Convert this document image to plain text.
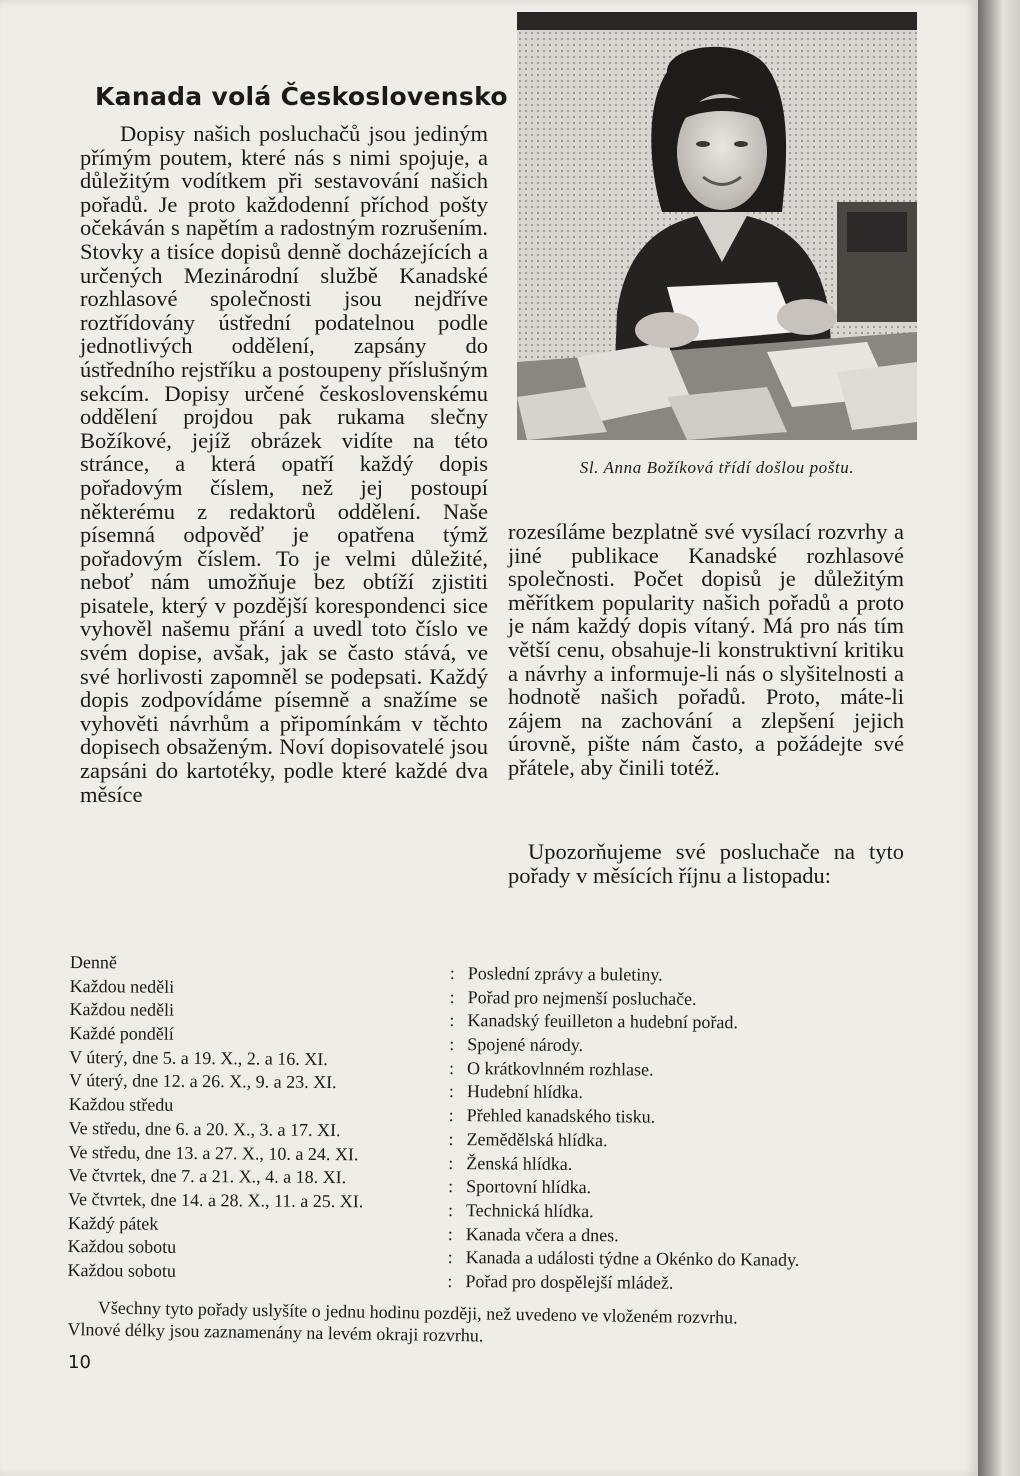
Kanada volá Československo

Dopisy našich posluchačů jsou jediným přímým poutem, které nás s nimi spojuje, a důležitým vodítkem při sestavování našich pořadů. Je proto každodenní příchod pošty očekáván s napětím a radostným rozrušením. Stovky a tisíce dopisů denně docházejících a určených Mezinárodní službě Kanadské rozhlasové společnosti jsou nejdříve roztřídovány ústřední podatelnou podle jednotlivých oddělení, zapsány do ústředního rejstříku a postoupeny příslušným sekcím. Dopisy určené československému oddělení projdou pak rukama slečny Božíkové, jejíž obrázek vidíte na této stránce, a která opatří každý dopis pořadovým číslem, než jej postoupí některému z redaktorů oddělení. Naše písemná odpověď je opatřena týmž pořadovým číslem. To je velmi důležité, neboť nám umožňuje bez obtíží zjistiti pisatele, který v pozdější korespondenci sice vyhověl našemu přání a uvedl toto číslo ve svém dopise, avšak, jak se často stává, ve své horlivosti zapomněl se podepsati. Každý dopis zodpovídáme písemně a snažíme se vyhověti návrhům a připomínkám v těchto dopisech obsaženým. Noví dopisovatelé jsou zapsáni do kartotéky, podle které každé dva měsíce

Sl. Anna Božíková třídí došlou poštu.

rozesíláme bezplatně své vysílací rozvrhy a jiné publikace Kanadské rozhlasové společnosti. Počet dopisů je důležitým měřítkem popularity našich pořadů a proto je nám každý dopis vítaný. Má pro nás tím větší cenu, obsahuje-li konstruktivní kritiku a návrhy a informuje-li nás o slyšitelnosti a hodnotě našich pořadů. Proto, máte-li zájem na zachování a zlepšení jejich úrovně, pište nám často, a požádejte své přátele, aby činili totéž.

Upozorňujeme své posluchače na tyto pořady v měsících říjnu a listopadu:

Denně
: Poslední zprávy a buletiny.
Každou neděli
: Pořad pro nejmenší posluchače.
Každou neděli
: Kanadský feuilleton a hudební pořad.
Každé pondělí
: Spojené národy.
V úterý, dne 5. a 19. X., 2. a 16. XI.	: O krátkovlnném rozhlase.
V úterý, dne 12. a 26. X., 9. a 23. XI.	: Hudební hlídka.
Každou středu
: Přehled kanadského tisku.
Ve středu, dne 6. a 20. X., 3. a 17. XI.	: Zemědělská hlídka.
Ve středu, dne 13. a 27. X., 10. a 24. XI.	: Ženská hlídka.
Ve čtvrtek, dne 7. a 21. X., 4. a 18. XI.	: Sportovní hlídka.
Ve čtvrtek, dne 14. a 28. X., 11. a 25. XI.	: Technická hlídka.
Každý pátek
: Kanada včera a dnes.
Každou sobotu
: Kanada a události týdne a Okénko do Kanady.
Každou sobotu
: Pořad pro dospělejší mládež.

Všechny tyto pořady uslyšíte o jednu hodinu později, než uvedeno ve vloženém rozvrhu.

Vlnové délky jsou zaznamenány na levém okraji rozvrhu.

10
